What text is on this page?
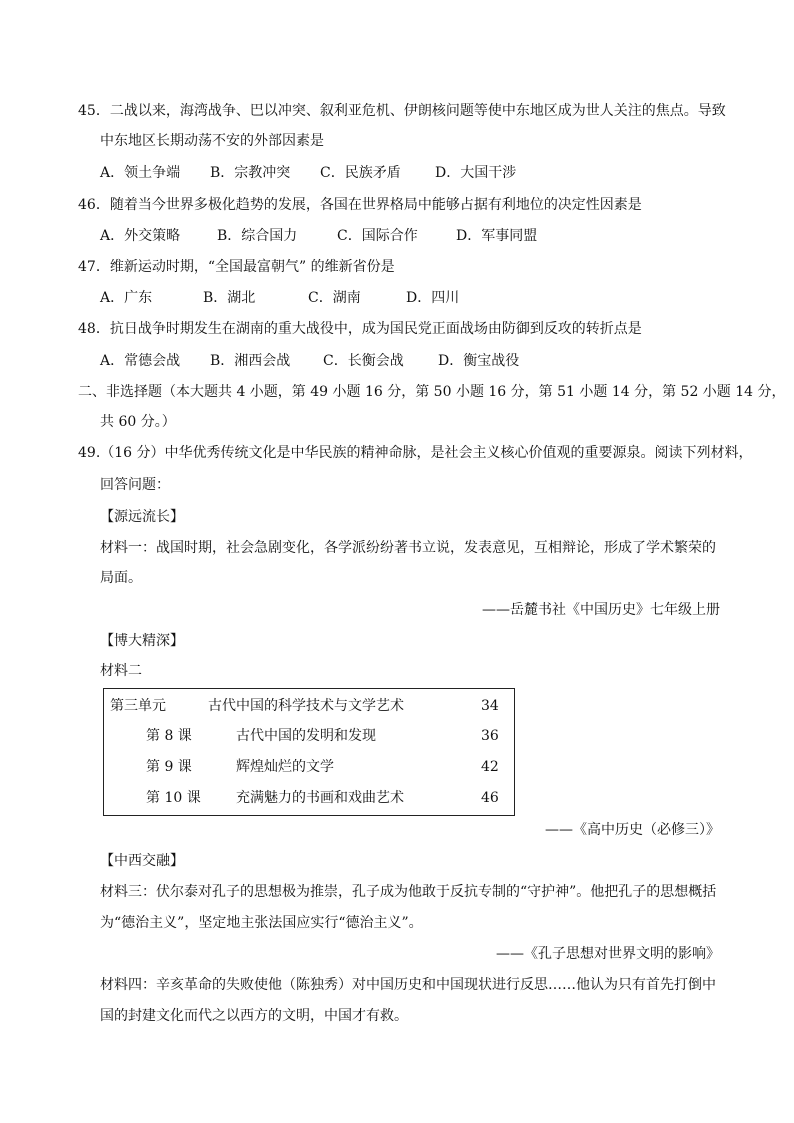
45．二战以来，海湾战争、巴以冲突、叙利亚危机、伊朗核问题等使中东地区成为世人关注的焦点。导致
中东地区长期动荡不安的外部因素是
A．领土争端 B．宗教冲突 C．民族矛盾 D．大国干涉
46．随着当今世界多极化趋势的发展，各国在世界格局中能够占据有利地位的决定性因素是
A．外交策略	B．综合国力	C．国际合作	D．军事同盟
47．维新运动时期，“全国最富朝气” 的维新省份是
A．广东	B．湖北	C．湖南	D．四川
48．抗日战争时期发生在湖南的重大战役中，成为国民党正面战场由防御到反攻的转折点是
A．常德会战 B．湘西会战 C．长衡会战 D．衡宝战役
二、非选择题（本大题共 4 小题，第 49 小题 16 分，第 50 小题 16 分，第 51 小题 14 分，第 52 小题 14 分，
共 60 分。）
49.（16 分）中华优秀传统文化是中华民族的精神命脉，是社会主义核心价值观的重要源泉。阅读下列材料，
回答问题：
【源远流长】
材料一：战国时期，社会急剧变化，各学派纷纷著书立说，发表意见，互相辩论，形成了学术繁荣的
局面。
——岳麓书社《中国历史》七年级上册
【博大精深】
材料二
第三单元	古代中国的科学技术与文学艺术	34
第 8 课	古代中国的发明和发现	36
第 9 课	辉煌灿烂的文学	42
第 10 课	充满魅力的书画和戏曲艺术	46
——《高中历史（必修三）》
【中西交融】
材料三：伏尔泰对孔子的思想极为推崇，孔子成为他敢于反抗专制的“守护神”。他把孔子的思想概括
为“德治主义”，坚定地主张法国应实行“德治主义”。
——《孔子思想对世界文明的影响》
材料四：辛亥革命的失败使他（陈独秀）对中国历史和中国现状进行反思……他认为只有首先打倒中
国的封建文化而代之以西方的文明，中国才有救。
